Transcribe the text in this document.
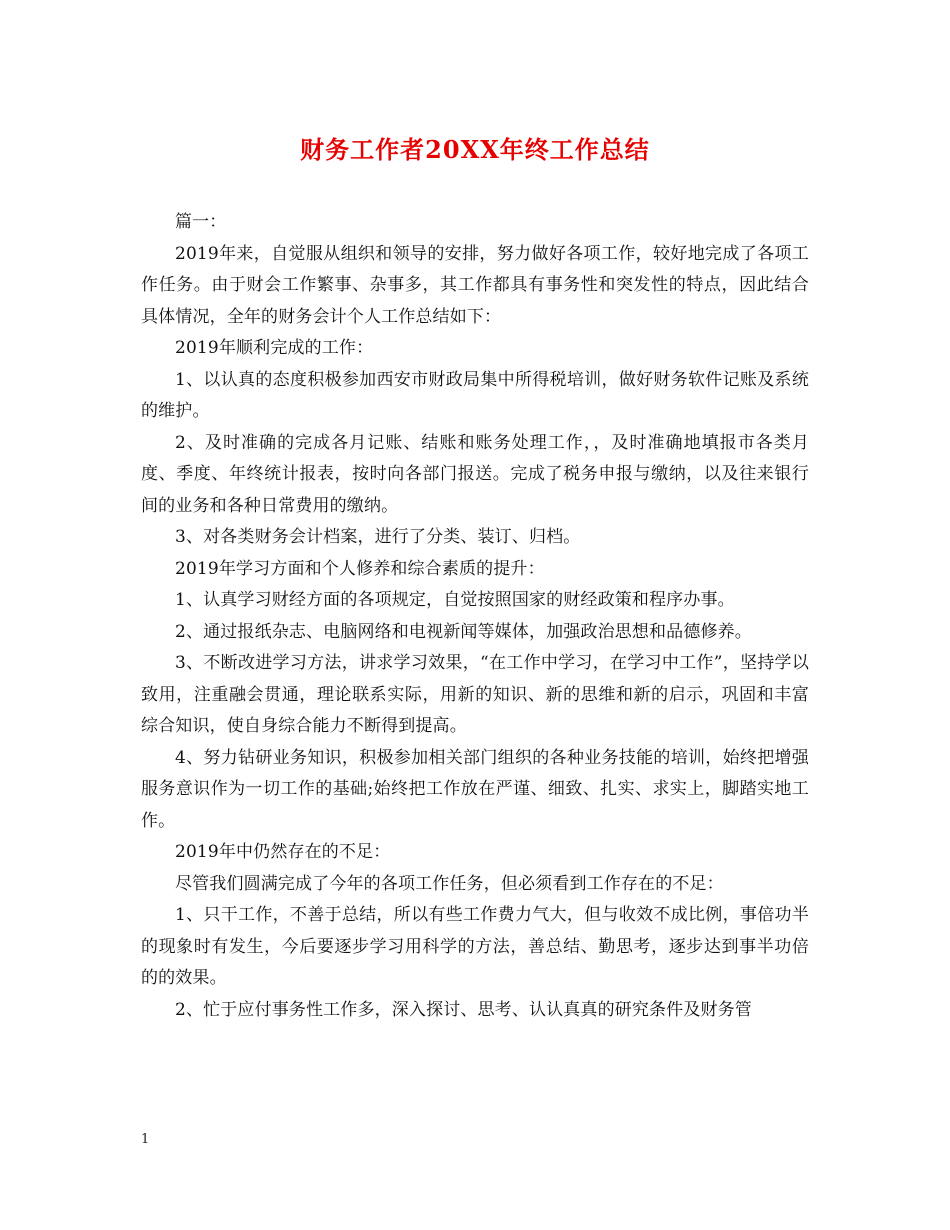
财务工作者20XX年终工作总结

篇一：

2019年来，自觉服从组织和领导的安排，努力做好各项工作，较好地完成了各项工作任务。由于财会工作繁事、杂事多，其工作都具有事务性和突发性的特点，因此结合具体情况，全年的财务会计个人工作总结如下：

2019年顺利完成的工作：

1、以认真的态度积极参加西安市财政局集中所得税培训，做好财务软件记账及系统的维护。

2、及时准确的完成各月记账、结账和账务处理工作，，及时准确地填报市各类月度、季度、年终统计报表，按时向各部门报送。完成了税务申报与缴纳，以及往来银行间的业务和各种日常费用的缴纳。

3、对各类财务会计档案，进行了分类、装订、归档。

2019年学习方面和个人修养和综合素质的提升：

1、认真学习财经方面的各项规定，自觉按照国家的财经政策和程序办事。

2、通过报纸杂志、电脑网络和电视新闻等媒体，加强政治思想和品德修养。

3、不断改进学习方法，讲求学习效果，“在工作中学习，在学习中工作”，坚持学以致用，注重融会贯通，理论联系实际，用新的知识、新的思维和新的启示，巩固和丰富综合知识，使自身综合能力不断得到提高。

4、努力钻研业务知识，积极参加相关部门组织的各种业务技能的培训，始终把增强服务意识作为一切工作的基础;始终把工作放在严谨、细致、扎实、求实上，脚踏实地工作。

2019年中仍然存在的不足：

尽管我们圆满完成了今年的各项工作任务，但必须看到工作存在的不足：

1、只干工作，不善于总结，所以有些工作费力气大，但与收效不成比例，事倍功半的现象时有发生，今后要逐步学习用科学的方法，善总结、勤思考，逐步达到事半功倍的的效果。

2、忙于应付事务性工作多，深入探讨、思考、认认真真的研究条件及财务管

1
